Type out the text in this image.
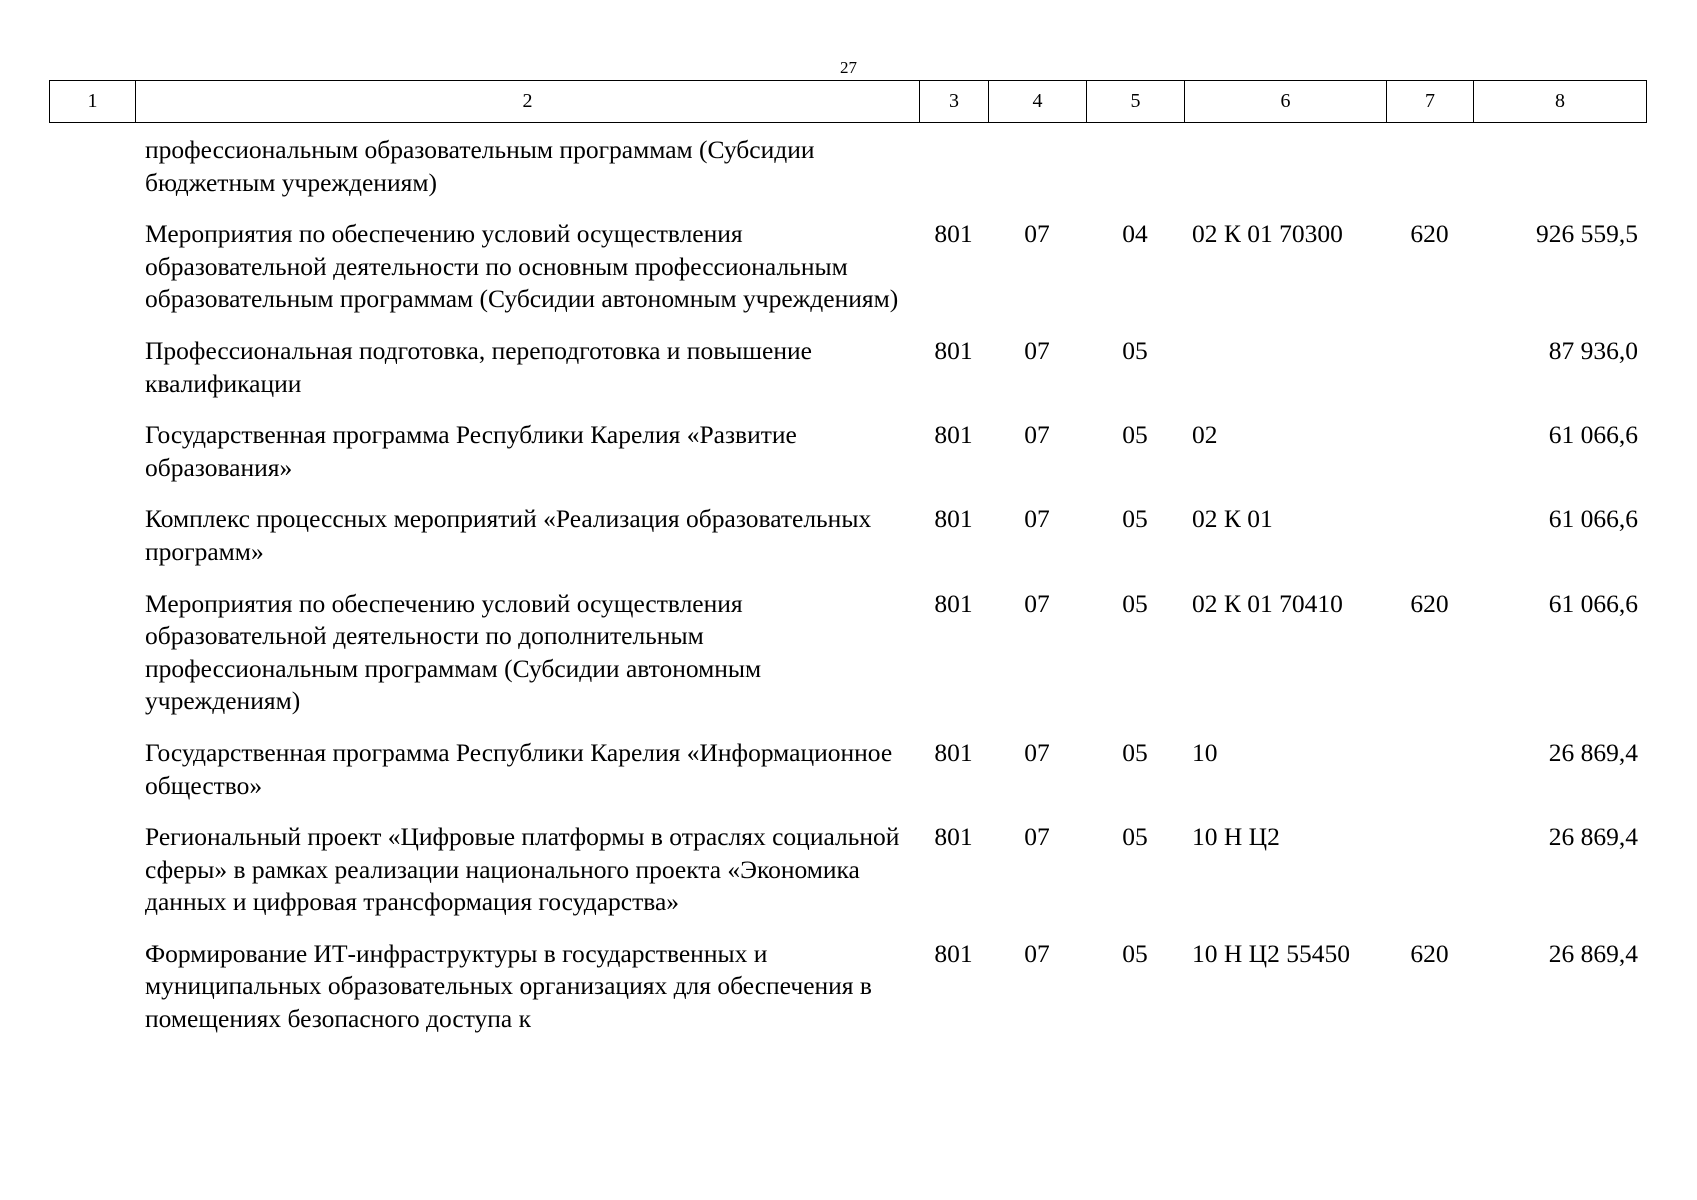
27
1	2	3	4	5	6	7	8
	профессиональным образовательным программам (Субсидии бюджетным учреждениям)						
	Мероприятия по обеспечению условий осуществления образовательной деятельности по основным профессиональным образовательным программам (Субсидии автономным учреждениям)	801	07	04	02 К 01 70300	620	926 559,5
	Профессиональная подготовка, переподготовка и повышение квалификации	801	07	05			87 936,0
	Государственная программа Республики Карелия «Развитие образования»	801	07	05	02		61 066,6
	Комплекс процессных мероприятий «Реализация образовательных программ»	801	07	05	02 К 01		61 066,6
	Мероприятия по обеспечению условий осуществления образовательной деятельности по дополнительным профессиональным программам (Субсидии автономным учреждениям)	801	07	05	02 К 01 70410	620	61 066,6
	Государственная программа Республики Карелия «Информационное общество»	801	07	05	10		26 869,4
	Региональный проект «Цифровые платформы в отраслях социальной сферы» в рамках реализации национального проекта «Экономика данных и цифровая трансформация государства»	801	07	05	10 Н Ц2		26 869,4
	Формирование ИТ-инфраструктуры в государственных и муниципальных образовательных организациях для обеспечения в помещениях безопасного доступа к	801	07	05	10 Н Ц2 55450	620	26 869,4
